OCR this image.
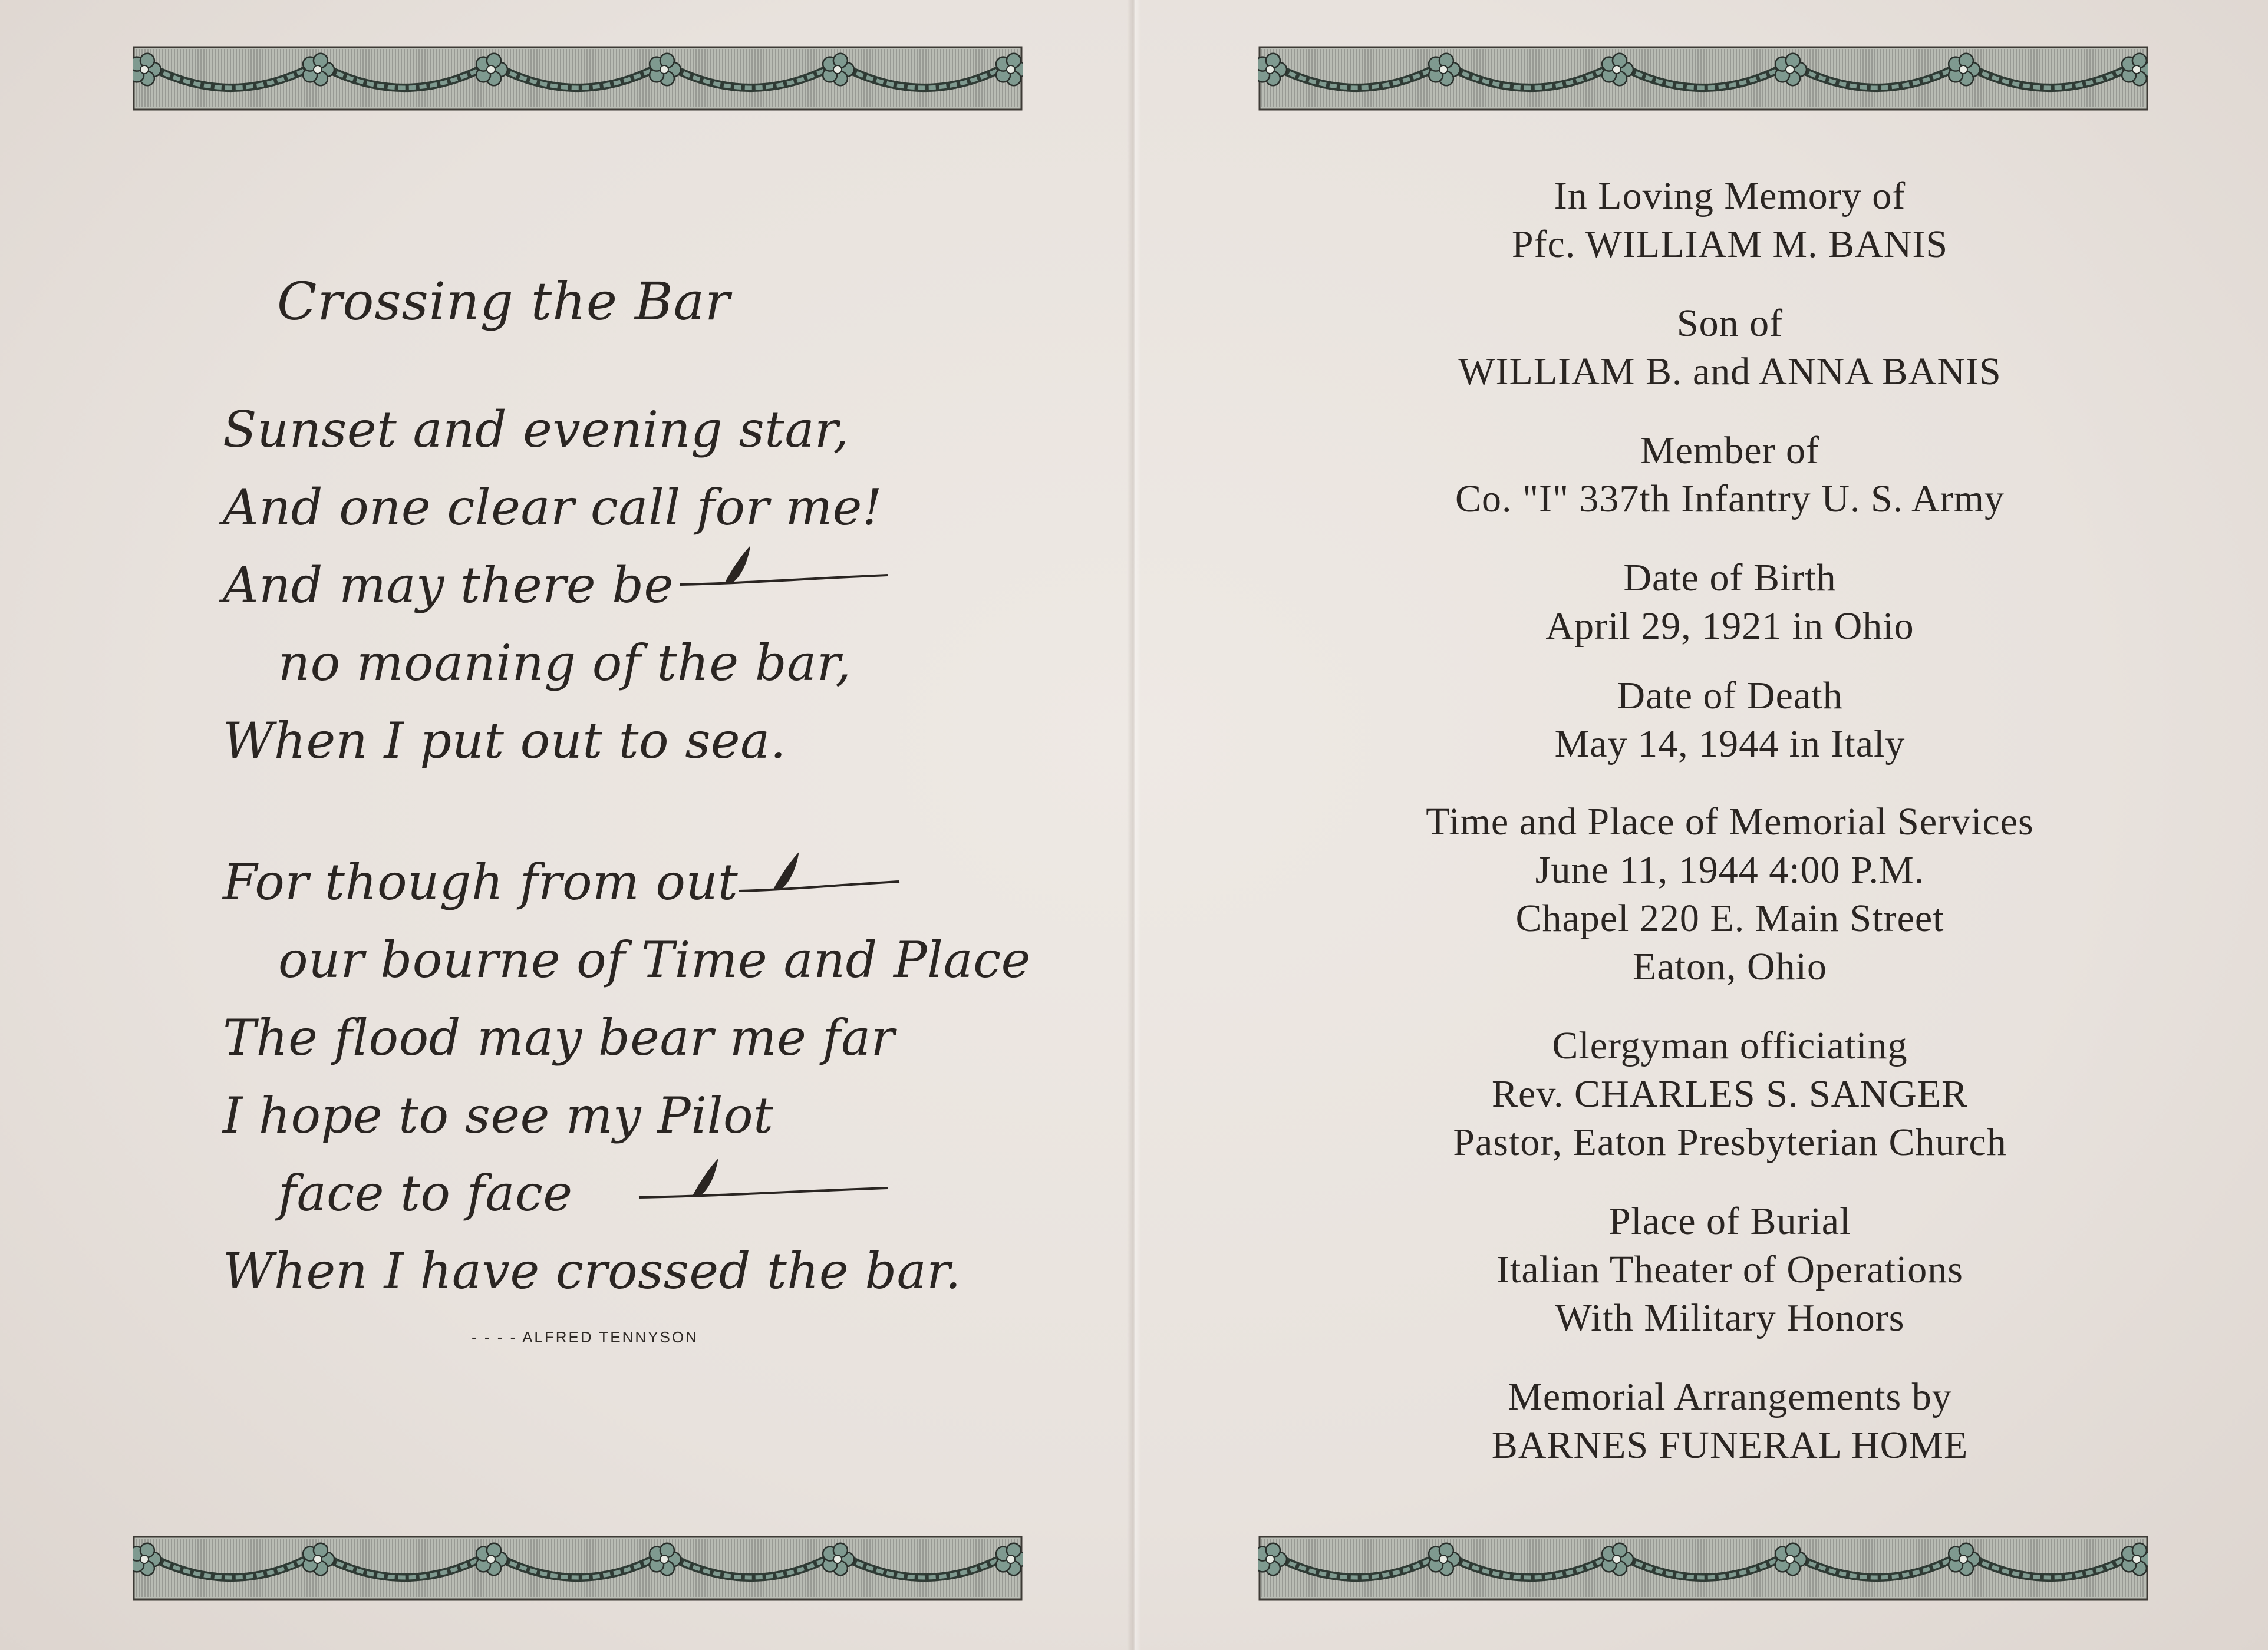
Crossing the Bar
Sunset and evening star,
And one clear call for me!
And may there be
no moaning of the bar,
When I put out to sea.
For though from out
our bourne of Time and Place
The flood may bear me far
I hope to see my Pilot
face to face
When I have crossed the bar.
- - - - ALFRED TENNYSON
In Loving Memory of
Pfc. WILLIAM M. BANIS
Son of
WILLIAM B. and ANNA BANIS
Member of
Co. "I" 337th Infantry U. S. Army
Date of Birth
April 29, 1921 in Ohio
Date of Death
May 14, 1944 in Italy
Time and Place of Memorial Services
June 11, 1944 4:00 P.M.
Chapel 220 E. Main Street
Eaton, Ohio
Clergyman officiating
Rev. CHARLES S. SANGER
Pastor, Eaton Presbyterian Church
Place of Burial
Italian Theater of Operations
With Military Honors
Memorial Arrangements by
BARNES FUNERAL HOME
